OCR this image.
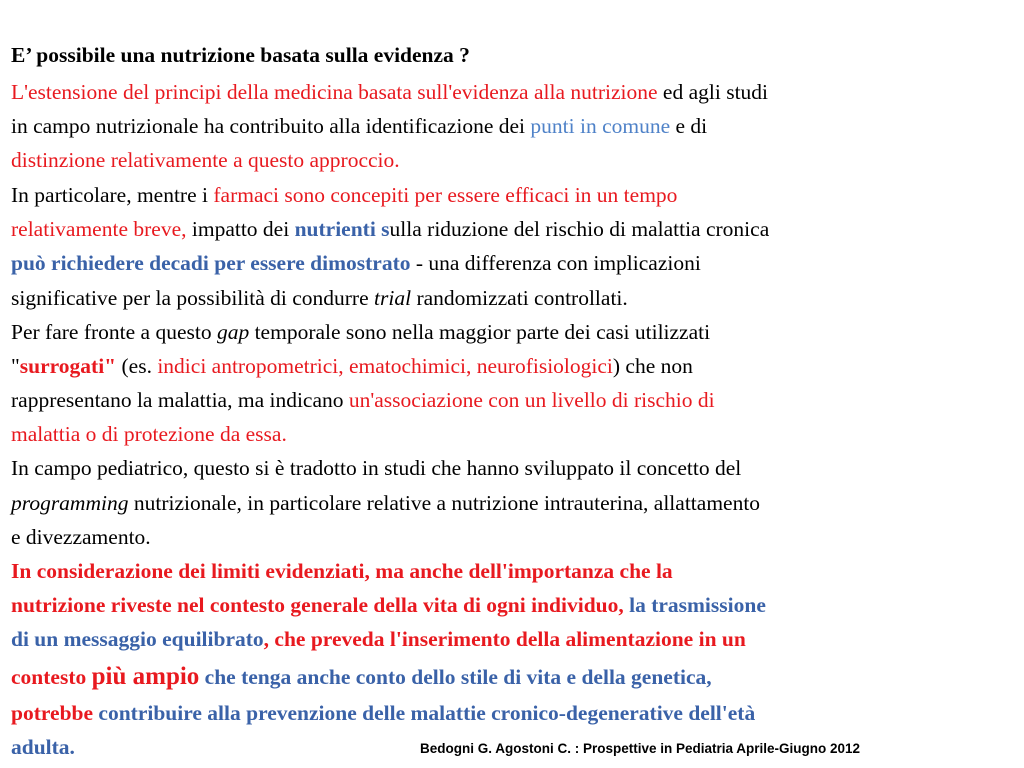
E’ possibile una nutrizione basata sulla evidenza ?
L'estensione del principi della medicina basata sull'evidenza alla nutrizione ed agli studi
in campo nutrizionale ha contribuito alla identificazione dei punti in comune e di
distinzione relativamente a questo approccio.
In particolare, mentre i farmaci sono concepiti per essere efficaci in un tempo
relativamente breve, impatto dei nutrienti sulla riduzione del rischio di malattia cronica
può richiedere decadi per essere dimostrato - una differenza con implicazioni
significative per la possibilità di condurre trial randomizzati controllati.
Per fare fronte a questo gap temporale sono nella maggior parte dei casi utilizzati
"surrogati" (es. indici antropometrici, ematochimici, neurofisiologici) che non
rappresentano la malattia, ma indicano un'associazione con un livello di rischio di
malattia o di protezione da essa.
In campo pediatrico, questo si è tradotto in studi che hanno sviluppato il concetto del
programming nutrizionale, in particolare relative a nutrizione intrauterina, allattamento
e divezzamento.
In considerazione dei limiti evidenziati, ma anche dell'importanza che la
nutrizione riveste nel contesto generale della vita di ogni individuo, la trasmissione
di un messaggio equilibrato, che preveda l'inserimento della alimentazione in un
contesto più ampio che tenga anche conto dello stile di vita e della genetica,
potrebbe contribuire alla prevenzione delle malattie cronico-degenerative dell'età
adulta.	Bedogni G. Agostoni C. : Prospettive in Pediatria Aprile-Giugno 2012
